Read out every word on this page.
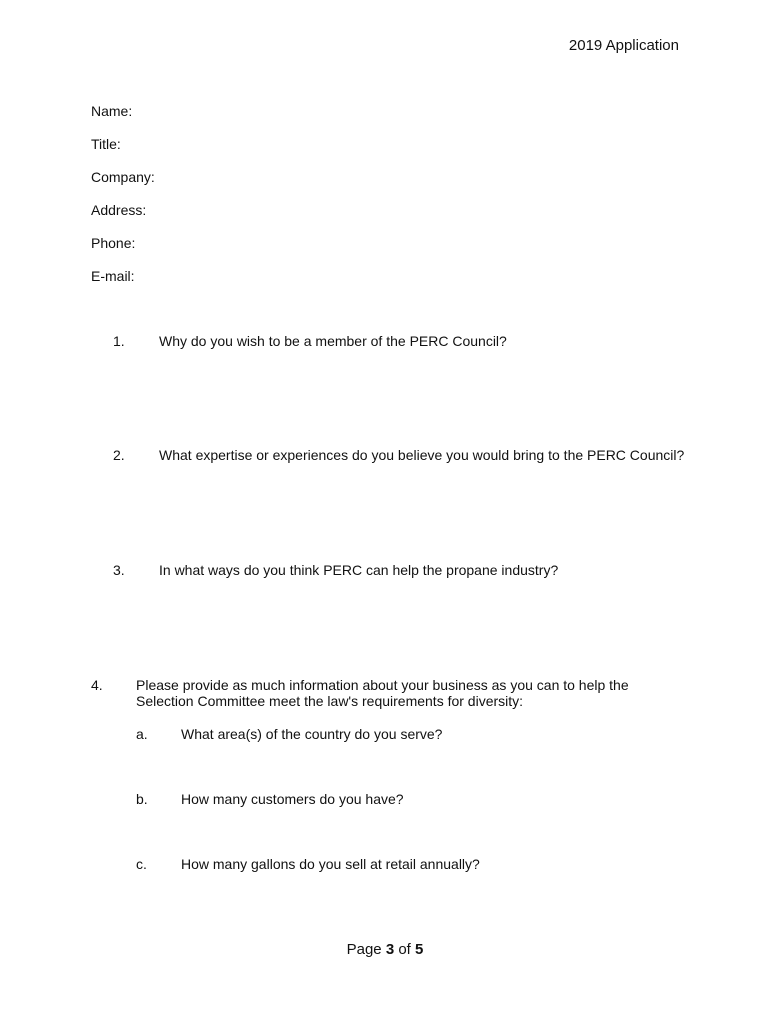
2019 Application
Name:
Title:
Company:
Address:
Phone:
E-mail:
1. Why do you wish to be a member of the PERC Council?
2. What expertise or experiences do you believe you would bring to the PERC Council?
3. In what ways do you think PERC can help the propane industry?
4. Please provide as much information about your business as you can to help the
Selection Committee meet the law's requirements for diversity:
a. What area(s) of the country do you serve?
b. How many customers do you have?
c. How many gallons do you sell at retail annually?
Page 3 of 5
